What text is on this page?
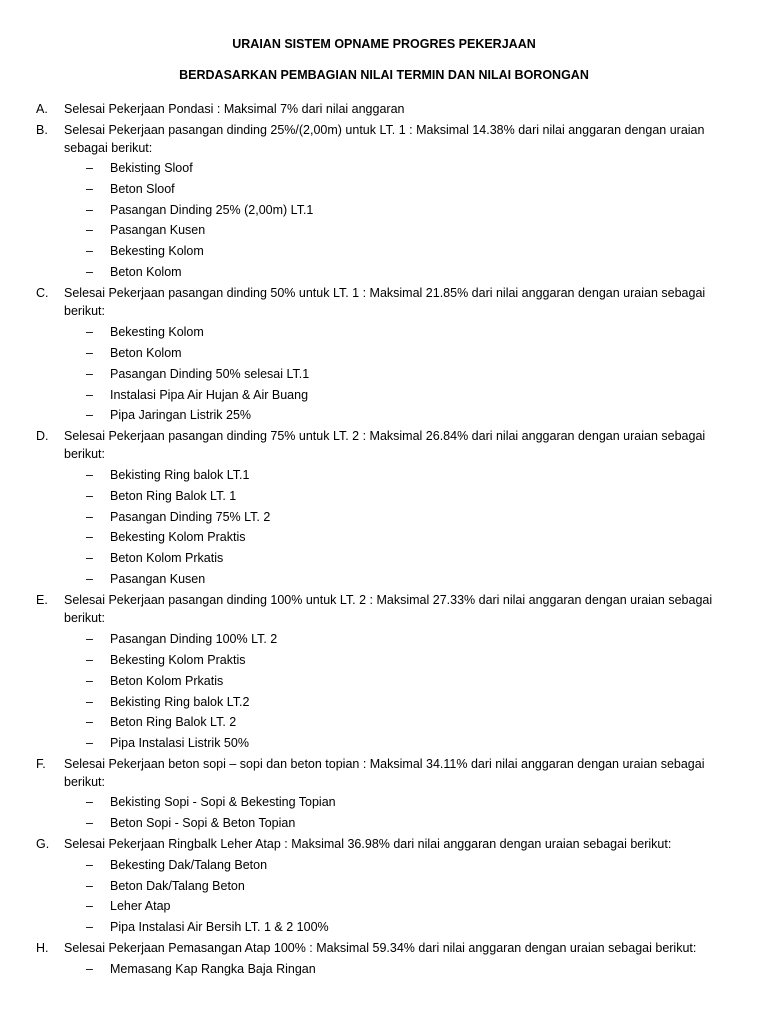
URAIAN SISTEM OPNAME PROGRES PEKERJAAN
BERDASARKAN PEMBAGIAN NILAI TERMIN DAN NILAI BORONGAN
A. Selesai Pekerjaan Pondasi : Maksimal 7% dari nilai anggaran
B. Selesai Pekerjaan pasangan dinding 25%/(2,00m) untuk LT. 1 : Maksimal 14.38% dari nilai anggaran dengan uraian
sebagai berikut:
– Bekisting Sloof
– Beton Sloof
– Pasangan Dinding 25% (2,00m) LT.1
– Pasangan Kusen
– Bekesting Kolom
– Beton Kolom
C. Selesai Pekerjaan pasangan dinding 50% untuk LT. 1 : Maksimal 21.85% dari nilai anggaran dengan uraian sebagai
berikut:
– Bekesting Kolom
– Beton Kolom
– Pasangan Dinding 50% selesai LT.1
– Instalasi Pipa Air Hujan & Air Buang
– Pipa Jaringan Listrik 25%
D. Selesai Pekerjaan pasangan dinding 75% untuk LT. 2 : Maksimal 26.84% dari nilai anggaran dengan uraian sebagai
berikut:
– Bekisting Ring balok LT.1
– Beton Ring Balok LT. 1
– Pasangan Dinding 75% LT. 2
– Bekesting Kolom Praktis
– Beton Kolom Prkatis
– Pasangan Kusen
E. Selesai Pekerjaan pasangan dinding 100% untuk LT. 2 : Maksimal 27.33% dari nilai anggaran dengan uraian sebagai
berikut:
– Pasangan Dinding 100% LT. 2
– Bekesting Kolom Praktis
– Beton Kolom Prkatis
– Bekisting Ring balok LT.2
– Beton Ring Balok LT. 2
– Pipa Instalasi Listrik 50%
F. Selesai Pekerjaan beton sopi – sopi dan beton topian : Maksimal 34.11% dari nilai anggaran dengan uraian sebagai
berikut:
– Bekisting Sopi - Sopi & Bekesting Topian
– Beton Sopi - Sopi & Beton Topian
G. Selesai Pekerjaan Ringbalk Leher Atap : Maksimal 36.98% dari nilai anggaran dengan uraian sebagai berikut:
– Bekesting Dak/Talang Beton
– Beton Dak/Talang Beton
– Leher Atap
– Pipa Instalasi Air Bersih LT. 1 & 2 100%
H. Selesai Pekerjaan Pemasangan Atap 100% : Maksimal 59.34% dari nilai anggaran dengan uraian sebagai berikut:
– Memasang Kap Rangka Baja Ringan
